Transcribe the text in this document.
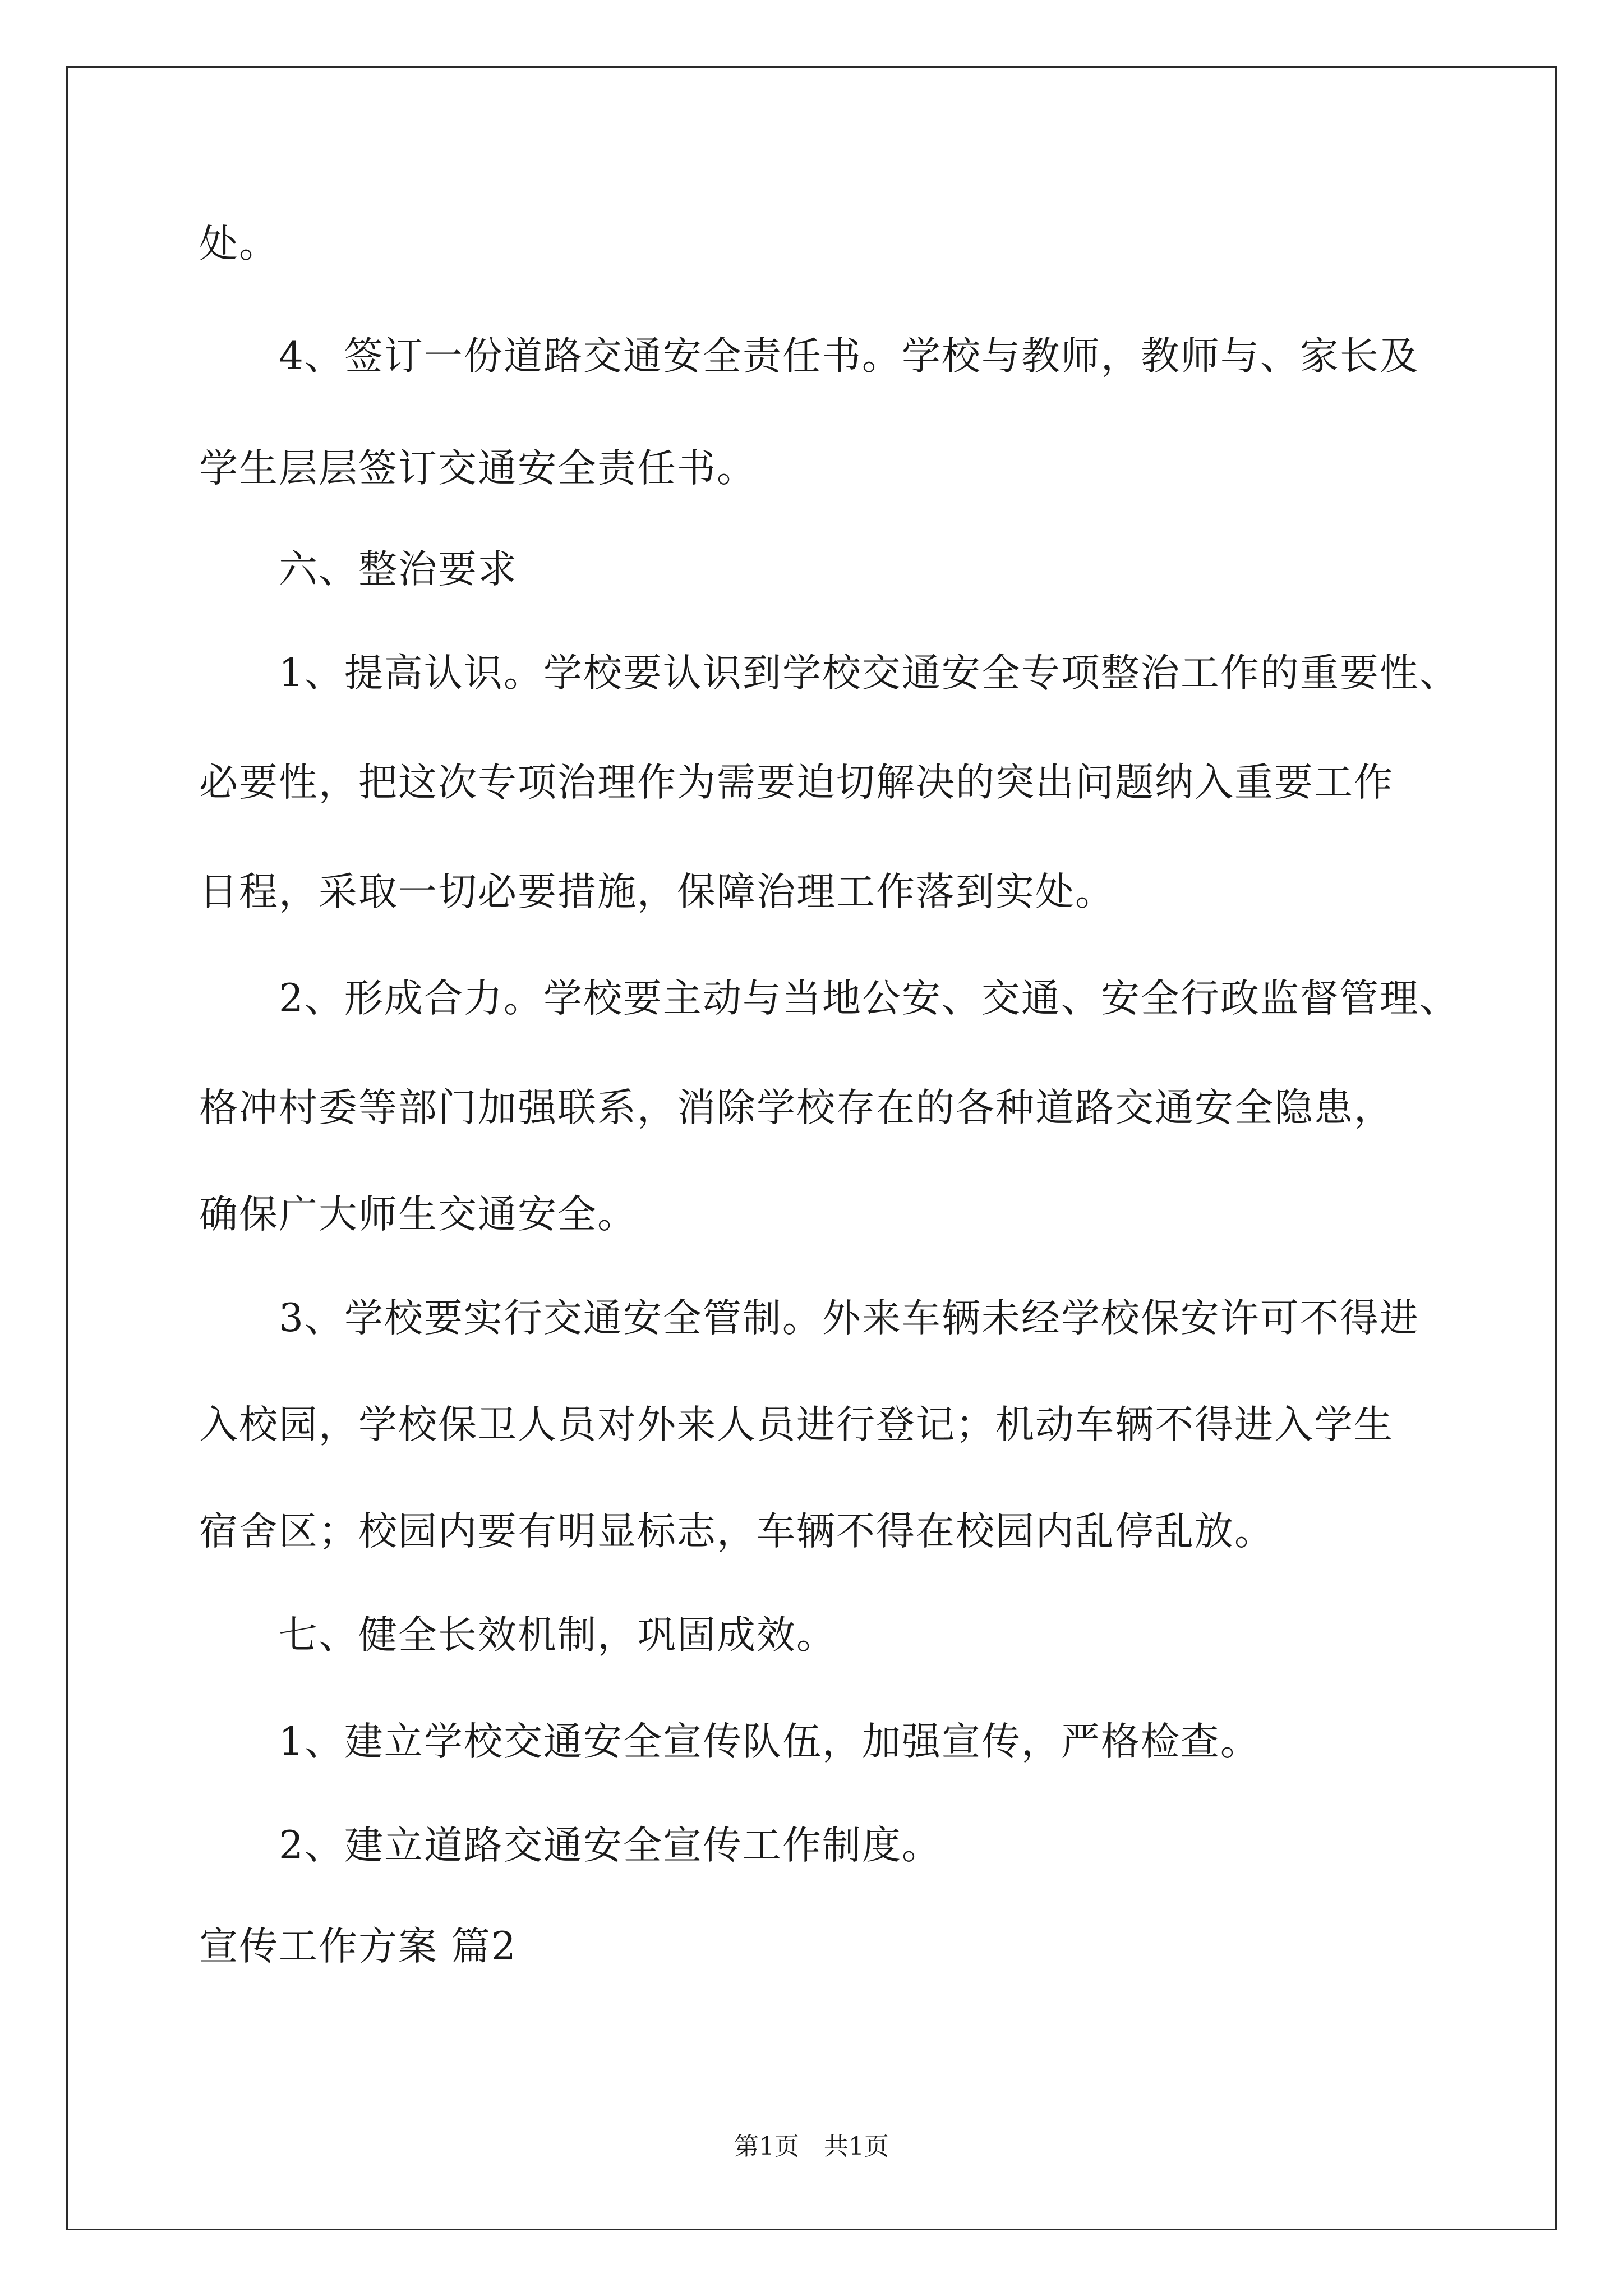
处。
　　4、签订一份道路交通安全责任书。学校与教师，教师与、家长及
学生层层签订交通安全责任书。
　　六、整治要求
　　1、提高认识。学校要认识到学校交通安全专项整治工作的重要性、
必要性，把这次专项治理作为需要迫切解决的突出问题纳入重要工作
日程，采取一切必要措施，保障治理工作落到实处。
　　2、形成合力。学校要主动与当地公安、交通、安全行政监督管理、
格冲村委等部门加强联系，消除学校存在的各种道路交通安全隐患，
确保广大师生交通安全。
　　3、学校要实行交通安全管制。外来车辆未经学校保安许可不得进
入校园，学校保卫人员对外来人员进行登记；机动车辆不得进入学生
宿舍区；校园内要有明显标志，车辆不得在校园内乱停乱放。
　　七、健全长效机制，巩固成效。
　　1、建立学校交通安全宣传队伍，加强宣传，严格检查。
　　2、建立道路交通安全宣传工作制度。
宣传工作方案 篇2
第1页　共1页
